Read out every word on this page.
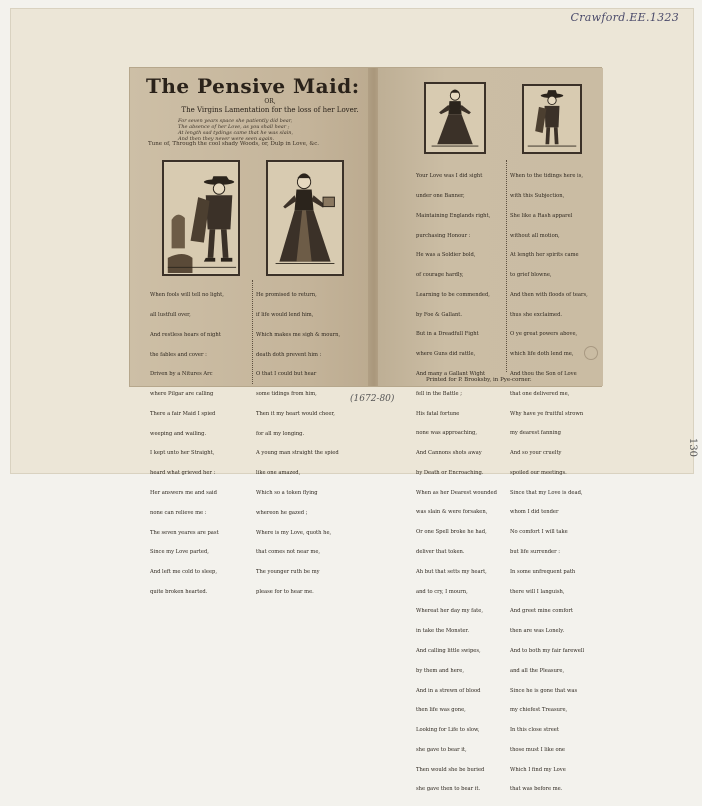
Crawford.EE.1323
130
(1672-80)
The Pensive Maid:
OR,
The Virgins Lamentation for the loss of her Lover.
For seven years space she patiently did bear,
The absence of her Love, as you shall hear ;
At length sad tydings came that he was slain,
And then they never were seen again.
Tune of, Through the cool shady Woods, or, Dulp in Love, &c.

When fools will tell no light,

all lustfull over,

And restless hears of night

the fables and cover :

Driven by a Nitures Arc

where Pilgar are calling

There a fair Maid I spied

weeping and wailing.

I kept unto her Straight,

heard what grieved her :

Her answers me and said

none can relieve me :

The seven yeares are past

Since my Love parted,

And left me cold to sleep,

quite broken hearted.

He promised to return,

if life would lend him,

Which makes me sigh & mourn,

death doth prevent him :

O that I could but hear

some tidings from him,

Then it my heart would cheer,

for all my longing.

A young man straight the spied

like one amazed,

Which so a token flying

whereon he gazed ;

Where is my Love, quoth he,

that comes not near me,

The younger ruth be my

please for to hear me.

Your Love was I did sight

under one Banner,

Maintaining Englands right,

purchasing Honour :

He was a Soldier bold,

of courage hardly,

Learning to be commended,

by Foe & Gallant.

But in a Dreadfull Fight

where Guns did rattle,

And many a Gallant Wight

fell in the Battle ;

His fatal fortune

none was approaching,

And Cannons shots away

by Death or Encroaching.

When as her Dearest wounded

was slain & were forsaken,

Or one Spell broke he had,

deliver that token.

Ah but that setts my heart,

and to cry, I mourn,

Whereat her day my fate,

in take the Monster.

And calling little swipes,

by them and here,

And in a strewn of blood

then life was gone,

Looking for Life to slow,

she gave to bear it,

Then would she be buried

she gave then to bear it.

When to the tidings here is,

with this Subjection,

She like a Rash apparel

without all motion,

At length her spirits came

to grief blowne,

And then with floods of tears,

thus she exclaimed.

O ye great powers above,

which life doth lend me,

And thou the Son of Love

that one delivered me,

Why have ye fruitful strown

my dearest fanning

And so your cruelty

spoiled our meetings.

Since that my Love is dead,

whom I did tender

No comfort I will take

but life surrender :

In some unfrequent path

there will I languish,

And greet mine comfort

then are was Lonely.

And to both my fair farewell

and all the Pleasure,

Since he is gone that was

my chiefest Treasure,

In this close street

those must I like one

Which I find my Love

that was before me.

Printed for P. Brooksby, in Pye-corner.
